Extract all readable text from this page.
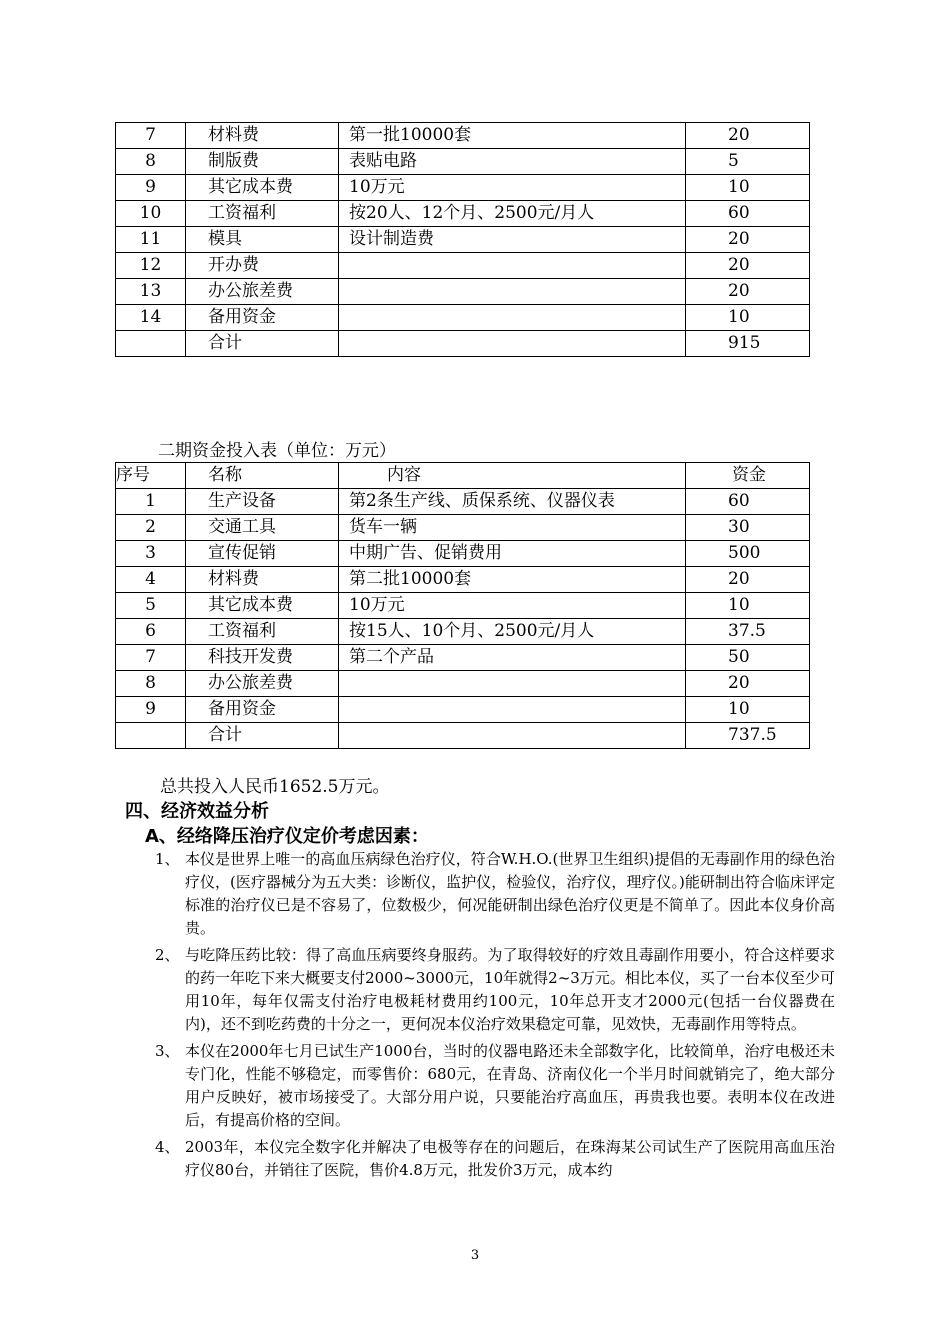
7	材料费	第一批10000套	20
8	制版费	表贴电路	5
9	其它成本费	10万元	10
10	工资福利	按20人、12个月、2500元/月人	60
11	模具	设计制造费	20
12	开办费		20
13	办公旅差费		20
14	备用资金		10
	合计		915
二期资金投入表（单位：万元）
序号	名称	内容	资金
1	生产设备	第2条生产线、质保系统、仪器仪表	60
2	交通工具	货车一辆	30
3	宣传促销	中期广告、促销费用	500
4	材料费	第二批10000套	20
5	其它成本费	10万元	10
6	工资福利	按15人、10个月、2500元/月人	37.5
7	科技开发费	第二个产品	50
8	办公旅差费		20
9	备用资金		10
	合计		737.5
总共投入人民币1652.5万元。
四、经济效益分析
A、经络降压治疗仪定价考虑因素：
1、 本仪是世界上唯一的高血压病绿色治疗仪，符合W.H.O.(世界卫生组织)提倡的无毒副作用的绿色治疗仪，(医疗器械分为五大类：诊断仪，监护仪，检验仪，治疗仪，理疗仪。)能研制出符合临床评定标准的治疗仪已是不容易了，位数极少，何况能研制出绿色治疗仪更是不简单了。因此本仪身价高贵。
2、 与吃降压药比较：得了高血压病要终身服药。为了取得较好的疗效且毒副作用要小，符合这样要求的药一年吃下来大概要支付2000~3000元，10年就得2~3万元。相比本仪，买了一台本仪至少可用10年，每年仅需支付治疗电极耗材费用约100元，10年总开支才2000元(包括一台仪器费在内)，还不到吃药费的十分之一，更何况本仪治疗效果稳定可靠，见效快，无毒副作用等特点。
3、 本仪在2000年七月已试生产1000台，当时的仪器电路还未全部数字化，比较简单，治疗电极还未专门化，性能不够稳定，而零售价：680元，在青岛、济南仪化一个半月时间就销完了，绝大部分用户反映好，被市场接受了。大部分用户说，只要能治疗高血压，再贵我也要。表明本仪在改进后，有提高价格的空间。
4、 2003年，本仪完全数字化并解决了电极等存在的问题后，在珠海某公司试生产了医院用高血压治疗仪80台，并销往了医院，售价4.8万元，批发价3万元，成本约
3
